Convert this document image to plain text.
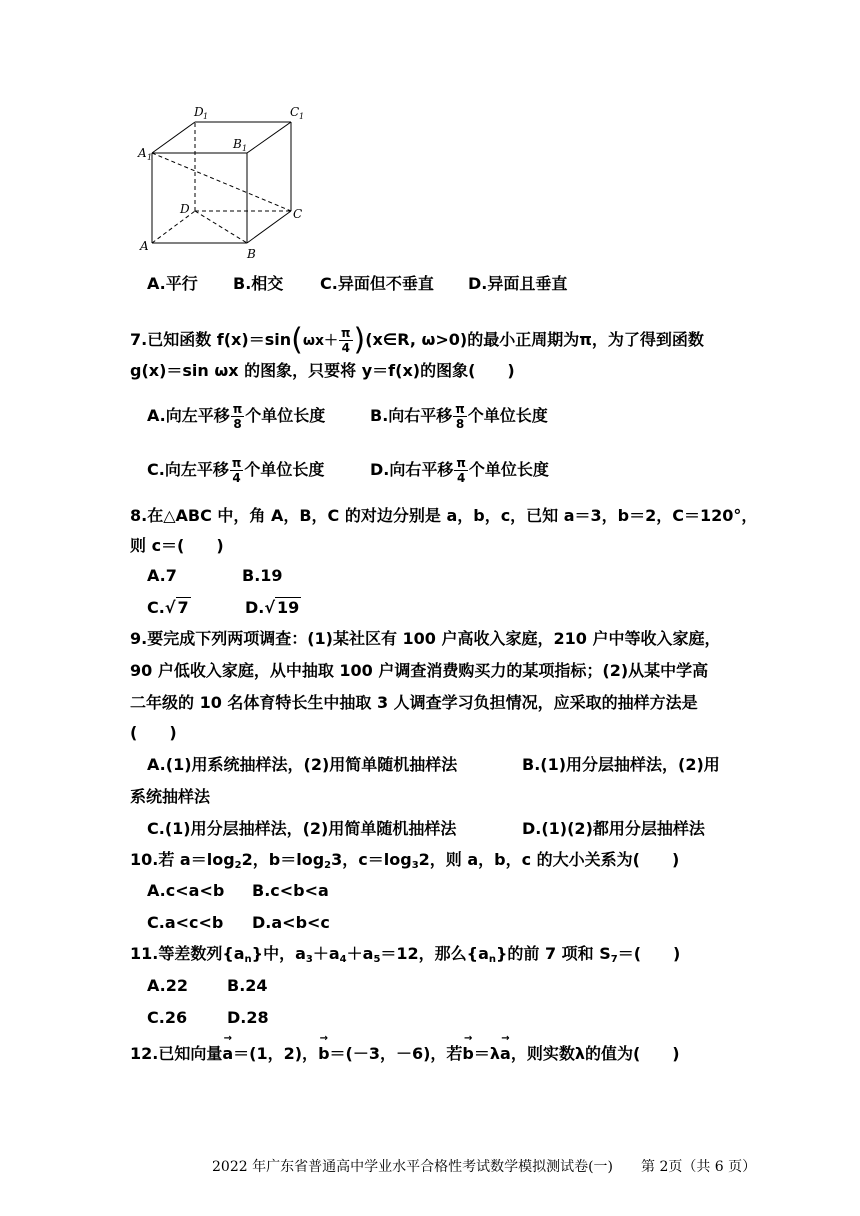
A
B
C
D
A 1
B 1
D 1	C 1
A.平行 B.相交 C.异面但不垂直 D.异面且垂直
7.已知函数 $f(x)=\sin(\omega x+ \frac{\pi}{4}$ )(x∈R, ω>0)的最小正周期为π，为了得到函数
g(x)＝sin ωx 的图象，只要将 y＝f(x)的图象(　　)
A.向左平移 $\frac{\pi}{8}$ 个单位长度	B.向右平移 $\frac{\pi}{8}$ 个单位长度
C.向左平移 $\frac{\pi}{4}$ 个单位长度	D.向右平移 $\frac{\pi}{4}$ 个单位长度
8.在△ABC 中，角 A，B，C 的对边分别是 a，b，c，已知 a＝3，b＝2，C＝120°，
则 c＝(　　)
A.7	B.19
C.√ 7	D.√ 19
9.要完成下列两项调查：(1)某社区有 100 户高收入家庭，210 户中等收入家庭，
90 户低收入家庭，从中抽取 100 户调查消费购买力的某项指标；(2)从某中学高
二年级的 10 名体育特长生中抽取 3 人调查学习负担情况，应采取的抽样方法是
(　　)
A.(1)用系统抽样法，(2)用简单随机抽样法	B.(1)用分层抽样法，(2)用
系统抽样法
C.(1)用分层抽样法，(2)用简单随机抽样法	D.(1)(2)都用分层抽样法
10.若 $a=\log_22$，$b=\log_23$，$c=\log_32$，则 a，b，c 的大小关系为(　　)
A.c<a<b B.c<b<a
C.a<c<b D.a<b<c
11.等差数列$\{a_n\}$中，$a_3+a_4+a_5=12$，那么$\{a_n\}$的前 7 项和 $S_7=$(　　)
A.22 B.24
C.26 D.28
12.已知向量
→
a＝(1，2)，
→
b＝(－3，－6)，若
→
b＝λ
→
a，则实数λ的值为(　　)
2022 年广东省普通高中学业水平合格性考试数学模拟测试卷(一)　　第 2页（共 6 页）
